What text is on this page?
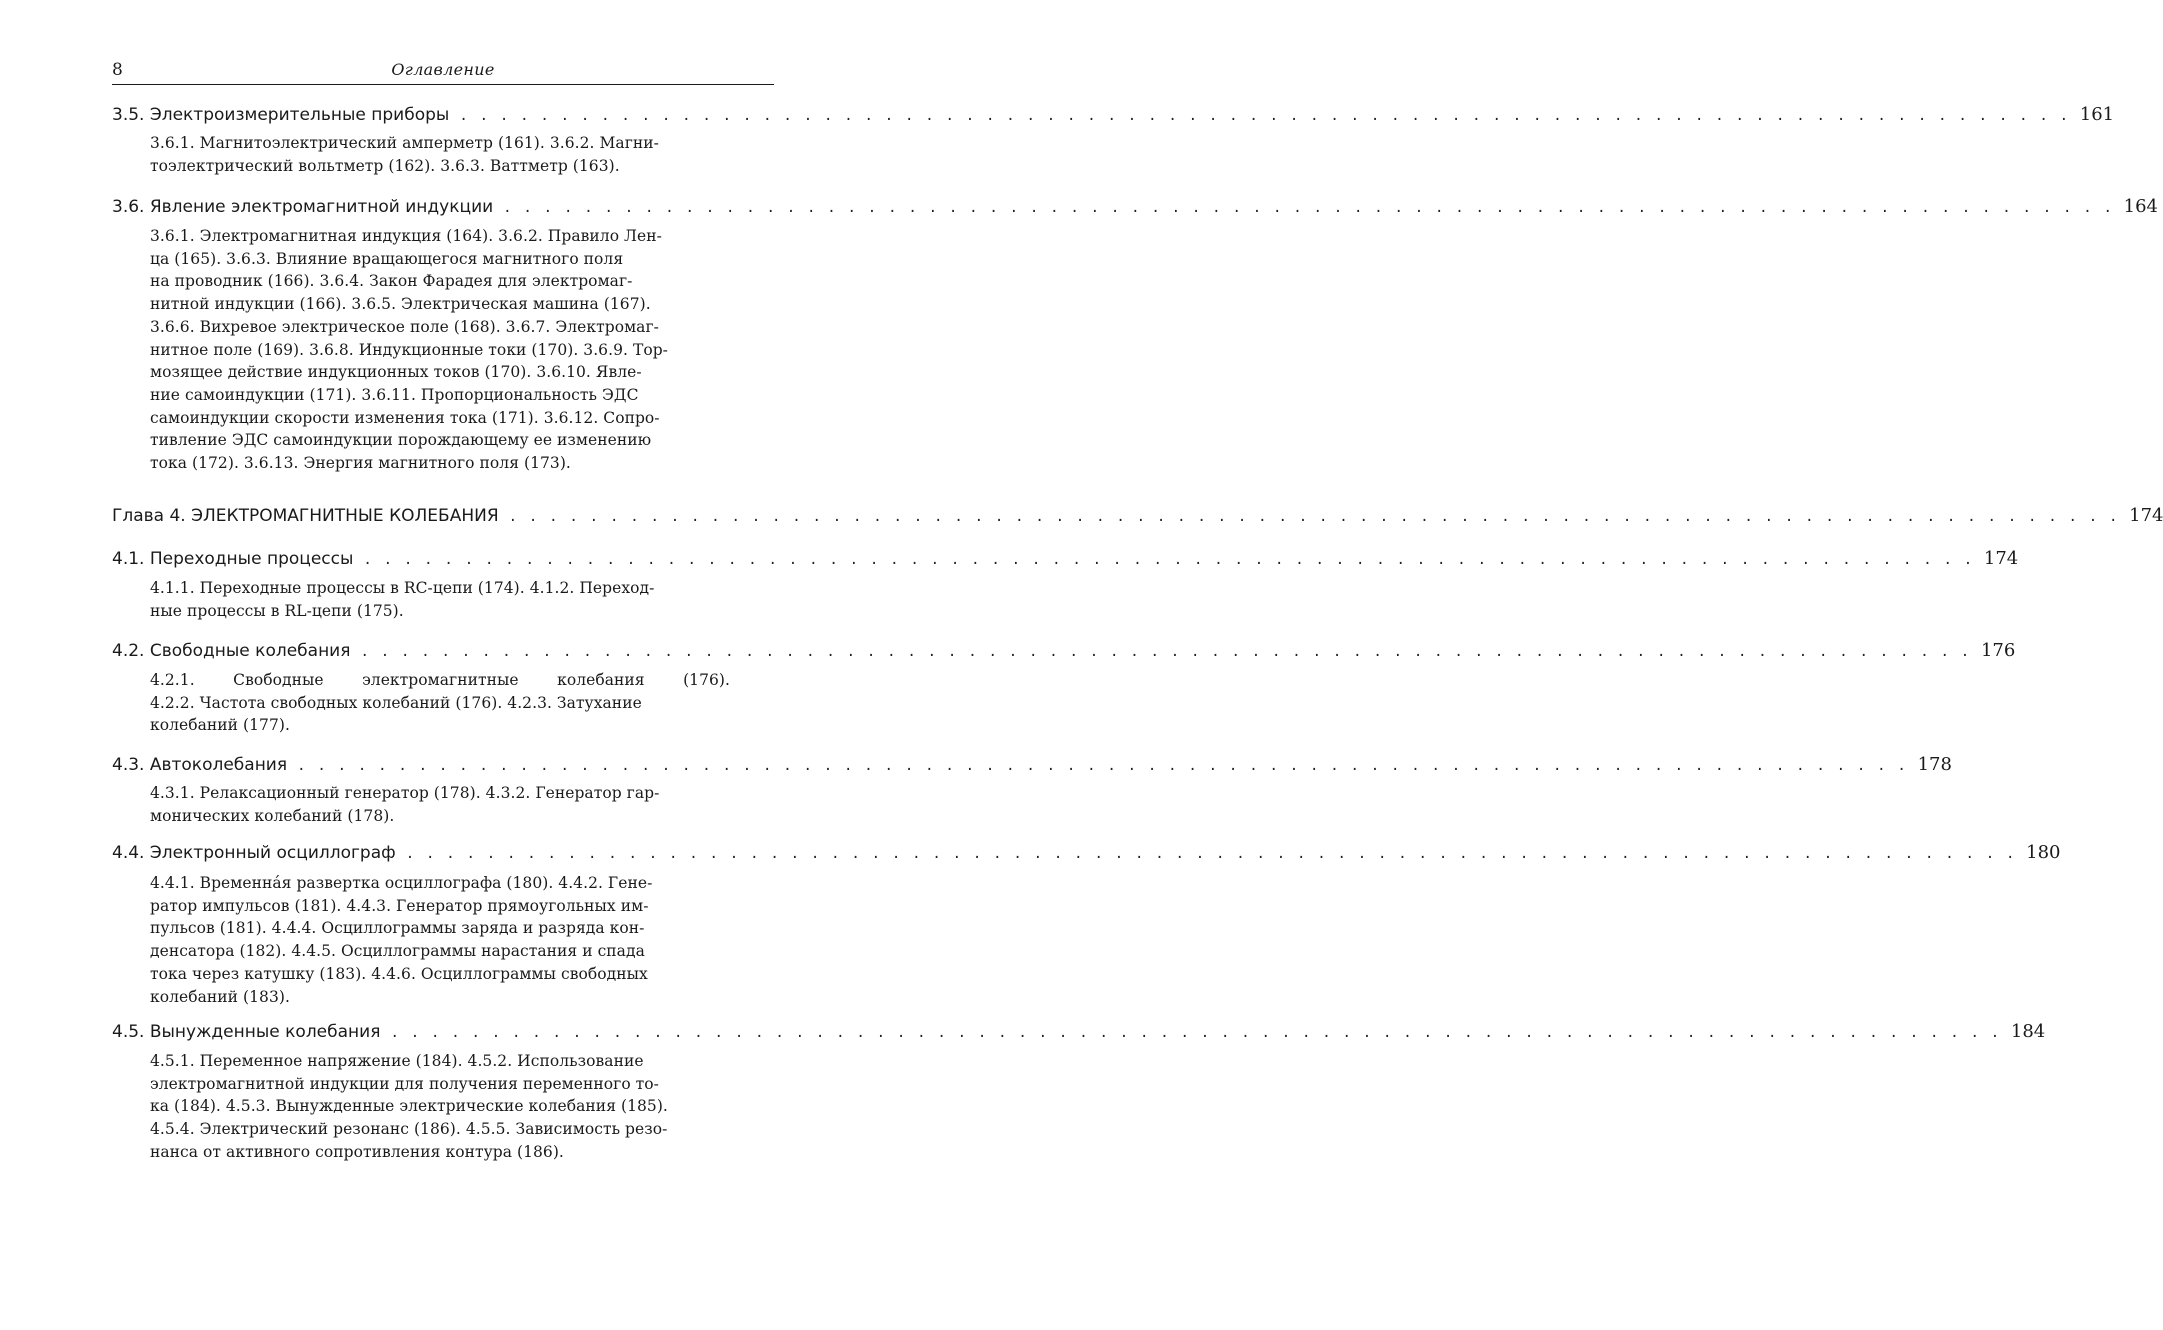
8	Оглавление
3.5. Электроизмерительные приборы . . . . . . . . . . . . . . . . . . . . . . . . . . . . . . . . . . . . . . . . . . . . . . . . . . . . . . . . . . . . . . . . . . . . . . . . . . . . . . . . 161
3.6.1. Магнитоэлектрический амперметр (161). 3.6.2. Магни-
тоэлектрический вольтметр (162). 3.6.3. Ваттметр (163).
3.6. Явление электромагнитной индукции . . . . . . . . . . . . . . . . . . . . . . . . . . . . . . . . . . . . . . . . . . . . . . . . . . . . . . . . . . . . . . . . . . . . . . . . . . . . . . . . 164
3.6.1. Электромагнитная индукция (164). 3.6.2. Правило Лен-
ца (165). 3.6.3. Влияние вращающегося магнитного поля
на проводник (166). 3.6.4. Закон Фарадея для электромаг-
нитной индукции (166). 3.6.5. Электрическая машина (167).
3.6.6. Вихревое электрическое поле (168). 3.6.7. Электромаг-
нитное поле (169). 3.6.8. Индукционные токи (170). 3.6.9. Тор-
мозящее действие индукционных токов (170). 3.6.10. Явле-
ние самоиндукции (171). 3.6.11. Пропорциональность ЭДС
самоиндукции скорости изменения тока (171). 3.6.12. Сопро-
тивление ЭДС самоиндукции порождающему ее изменению
тока (172). 3.6.13. Энергия магнитного поля (173).
Глава 4. ЭЛЕКТРОМАГНИТНЫЕ КОЛЕБАНИЯ . . . . . . . . . . . . . . . . . . . . . . . . . . . . . . . . . . . . . . . . . . . . . . . . . . . . . . . . . . . . . . . . . . . . . . . . . . . . . . . . 174
4.1. Переходные процессы . . . . . . . . . . . . . . . . . . . . . . . . . . . . . . . . . . . . . . . . . . . . . . . . . . . . . . . . . . . . . . . . . . . . . . . . . . . . . . . . 174
4.1.1. Переходные процессы в RC-цепи (174). 4.1.2. Переход-
ные процессы в RL-цепи (175).
4.2. Свободные колебания . . . . . . . . . . . . . . . . . . . . . . . . . . . . . . . . . . . . . . . . . . . . . . . . . . . . . . . . . . . . . . . . . . . . . . . . . . . . . . . . 176
4.2.1. Свободные электромагнитные колебания (176).
4.2.2. Частота свободных колебаний (176). 4.2.3. Затухание
колебаний (177).
4.3. Автоколебания . . . . . . . . . . . . . . . . . . . . . . . . . . . . . . . . . . . . . . . . . . . . . . . . . . . . . . . . . . . . . . . . . . . . . . . . . . . . . . . . 178
4.3.1. Релаксационный генератор (178). 4.3.2. Генератор гар-
монических колебаний (178).
4.4. Электронный осциллограф . . . . . . . . . . . . . . . . . . . . . . . . . . . . . . . . . . . . . . . . . . . . . . . . . . . . . . . . . . . . . . . . . . . . . . . . . . . . . . . . 180
4.4.1. Временна́я развертка осциллографа (180). 4.4.2. Гене-
ратор импульсов (181). 4.4.3. Генератор прямоугольных им-
пульсов (181). 4.4.4. Осциллограммы заряда и разряда кон-
денсатора (182). 4.4.5. Осциллограммы нарастания и спада
тока через катушку (183). 4.4.6. Осциллограммы свободных
колебаний (183).
4.5. Вынужденные колебания . . . . . . . . . . . . . . . . . . . . . . . . . . . . . . . . . . . . . . . . . . . . . . . . . . . . . . . . . . . . . . . . . . . . . . . . . . . . . . . . 184
4.5.1. Переменное напряжение (184). 4.5.2. Использование
электромагнитной индукции для получения переменного то-
ка (184). 4.5.3. Вынужденные электрические колебания (185).
4.5.4. Электрический резонанс (186). 4.5.5. Зависимость резо-
нанса от активного сопротивления контура (186).
